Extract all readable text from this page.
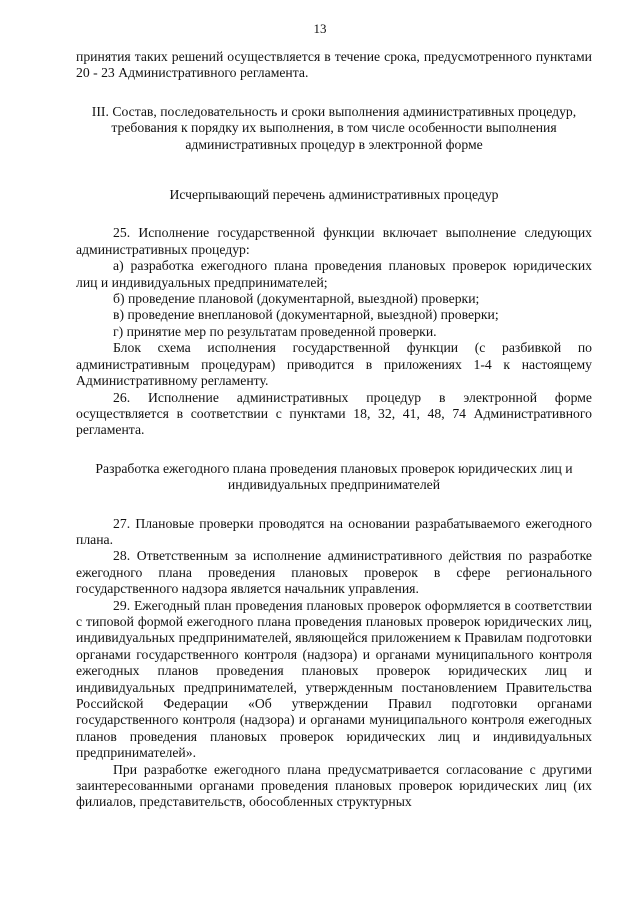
13

принятия таких решений осуществляется в течение срока, предусмотренного пунктами 20 - 23 Административного регламента.

III. Состав, последовательность и сроки выполнения административных процедур, требования к порядку их выполнения, в том числе особенности выполнения административных процедур в электронной форме

Исчерпывающий перечень административных процедур

25. Исполнение государственной функции включает выполнение следующих административных процедур:

а) разработка ежегодного плана проведения плановых проверок юридических лиц и индивидуальных предпринимателей;

б) проведение плановой (документарной, выездной) проверки;

в) проведение внеплановой (документарной, выездной) проверки;

г) принятие мер по результатам проведенной проверки.

Блок схема исполнения государственной функции (с разбивкой по административным процедурам) приводится в приложениях 1-4 к настоящему Административному регламенту.

26. Исполнение административных процедур в электронной форме осуществляется в соответствии с пунктами 18, 32, 41, 48, 74 Административного регламента.

Разработка ежегодного плана проведения плановых проверок юридических лиц и индивидуальных предпринимателей

27. Плановые проверки проводятся на основании разрабатываемого ежегодного плана.

28. Ответственным за исполнение административного действия по разработке ежегодного плана проведения плановых проверок в сфере регионального государственного надзора является начальник управления.

29. Ежегодный план проведения плановых проверок оформляется в соответствии с типовой формой ежегодного плана проведения плановых проверок юридических лиц, индивидуальных предпринимателей, являющейся приложением к Правилам подготовки органами государственного контроля (надзора) и органами муниципального контроля ежегодных планов проведения плановых проверок юридических лиц и индивидуальных предпринимателей, утвержденным постановлением Правительства Российской Федерации «Об утверждении Правил подготовки органами государственного контроля (надзора) и органами муниципального контроля ежегодных планов проведения плановых проверок юридических лиц и индивидуальных предпринимателей».

При разработке ежегодного плана предусматривается согласование с другими заинтересованными органами проведения плановых проверок юридических лиц (их филиалов, представительств, обособленных структурных
